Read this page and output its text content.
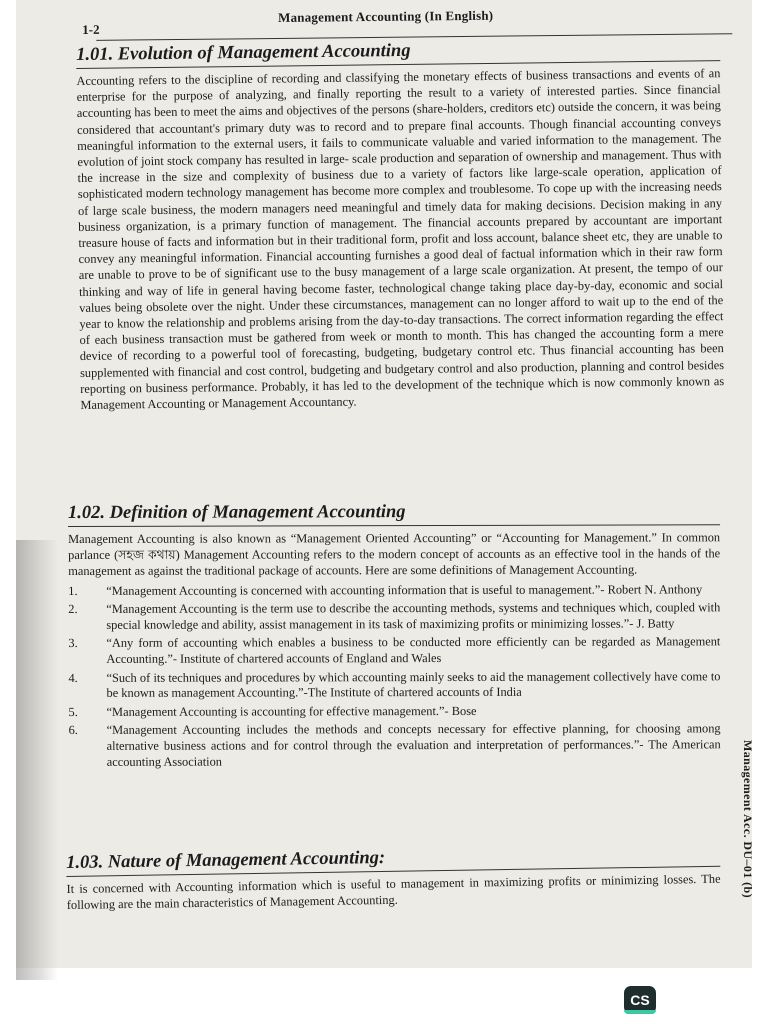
1-2
Management Accounting (In English)
1.01. Evolution of Management Accounting

Accounting refers to the discipline of recording and classifying the monetary effects of business transactions and events of an enterprise for the purpose of analyzing, and finally reporting the result to a variety of interested parties. Since financial accounting has been to meet the aims and objectives of the persons (share-holders, creditors etc) outside the concern, it was being considered that accountant's primary duty was to record and to prepare final accounts. Though financial accounting conveys meaningful information to the external users, it fails to communicate valuable and varied information to the management. The evolution of joint stock company has resulted in large- scale production and separation of ownership and management. Thus with the increase in the size and complexity of business due to a variety of factors like large-scale operation, application of sophisticated modern technology management has become more complex and troublesome. To cope up with the increasing needs of large scale business, the modern managers need meaningful and timely data for making decisions. Decision making in any business organization, is a primary function of management. The financial accounts prepared by accountant are important treasure house of facts and information but in their traditional form, profit and loss account, balance sheet etc, they are unable to convey any meaningful information. Financial accounting furnishes a good deal of factual information which in their raw form are unable to prove to be of significant use to the busy management of a large scale organization. At present, the tempo of our thinking and way of life in general having become faster, technological change taking place day-by-day, economic and social values being obsolete over the night. Under these circumstances, management can no longer afford to wait up to the end of the year to know the relationship and problems arising from the day-to-day transactions. The correct information regarding the effect of each business transaction must be gathered from week or month to month. This has changed the accounting form a mere device of recording to a powerful tool of forecasting, budgeting, budgetary control etc. Thus financial accounting has been supplemented with financial and cost control, budgeting and budgetary control and also production, planning and control besides reporting on business performance. Probably, it has led to the development of the technique which is now commonly known as Management Accounting or Management Accountancy.

1.02. Definition of Management Accounting

Management Accounting is also known as “Management Oriented Accounting” or “Accounting for Management.” In common parlance (সহজ কথায়) Management Accounting refers to the modern concept of accounts as an effective tool in the hands of the management as against the traditional package of accounts. Here are some definitions of Management Accounting.

1. “Management Accounting is concerned with accounting information that is useful to management.”- Robert N. Anthony
2. “Management Accounting is the term use to describe the accounting methods, systems and techniques which, coupled with special knowledge and ability, assist management in its task of maximizing profits or minimizing losses.”- J. Batty
3. “Any form of accounting which enables a business to be conducted more efficiently can be regarded as Management Accounting.”- Institute of chartered accounts of England and Wales
4. “Such of its techniques and procedures by which accounting mainly seeks to aid the management collectively have come to be known as management Accounting.”-The Institute of chartered accounts of India
5. “Management Accounting is accounting for effective management.”- Bose
6. “Management Accounting includes the methods and concepts necessary for effective planning, for choosing among alternative business actions and for control through the evaluation and interpretation of performances.”- The American accounting Association
1.03. Nature of Management Accounting:

It is concerned with Accounting information which is useful to management in maximizing profits or minimizing losses. The following are the main characteristics of Management Accounting.

Management Acc. DU–01 (b)
CS
